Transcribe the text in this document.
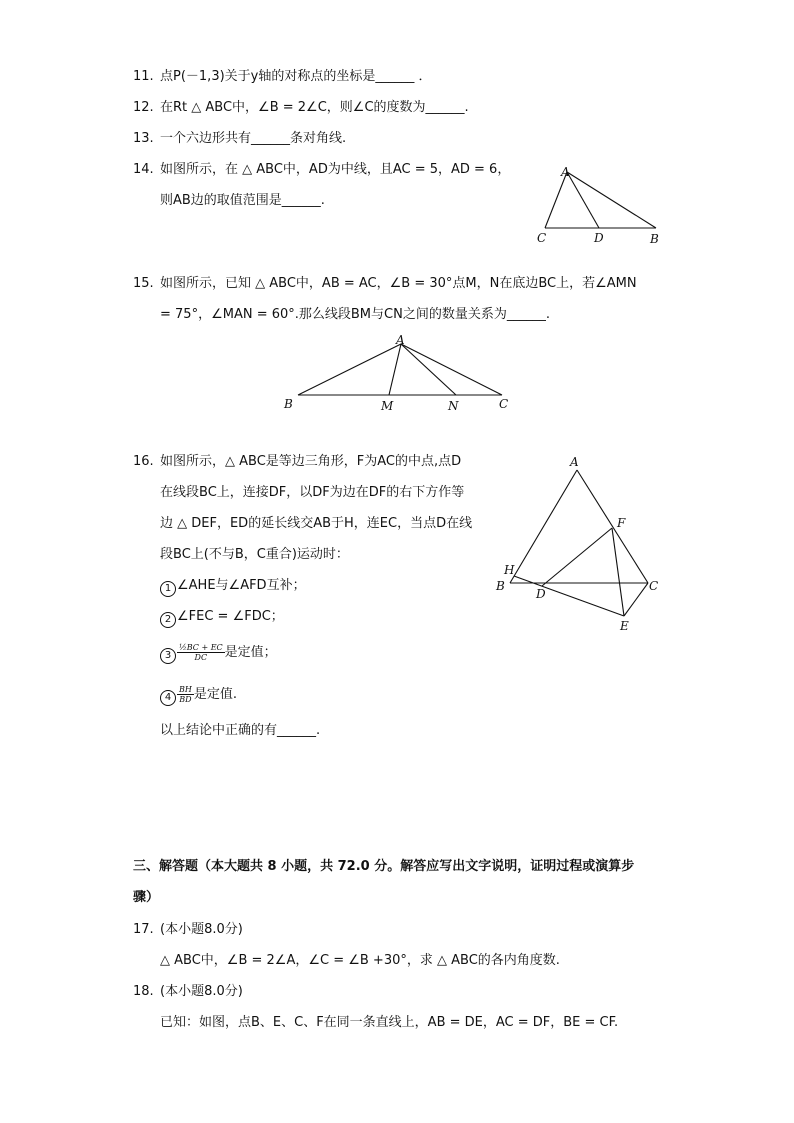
11. 点P(－1,3)关于y轴的对称点的坐标是______ ．
12. 在Rt △ ABC中，∠B = 2∠C，则∠C的度数为______.
13. 一个六边形共有______条对角线.
14. 如图所示，在 △ ABC中，AD为中线，且AC = 5，AD = 6，
则AB边的取值范围是______.
A
C	D	B
15. 如图所示，已知 △ ABC中，AB = AC，∠B = 30°点M，N在底边BC上，若∠AMN
= 75°，∠MAN = 60°.那么线段BM与CN之间的数量关系为______.
A
B	M	N	C
16. 如图所示，△ ABC是等边三角形，F为AC的中点,点D
在线段BC上，连接DF，以DF为边在DF的右下方作等
边 △ DEF，ED的延长线交AB于H，连EC，当点D在线
段BC上(不与B，C重合)运动时：
1 ∠AHE与∠AFD互补；
2 ∠FEC = ∠FDC；
$3 \frac{\text{½BC + EC}}{DC}$ 是定值；
$4 \frac{BH}{BD}$ 是定值.
以上结论中正确的有______.
A
F
H
B
D
C
E
三、解答题（本大题共 8 小题，共 72.0 分。解答应写出文字说明，证明过程或演算步
骤）
17. (本小题8.0分)
△ ABC中，∠B = 2∠A，∠C = ∠B +30°，求 △ ABC的各内角度数.
18. (本小题8.0分)
已知：如图，点B、E、C、F在同一条直线上，AB = DE，AC = DF，BE = CF.
